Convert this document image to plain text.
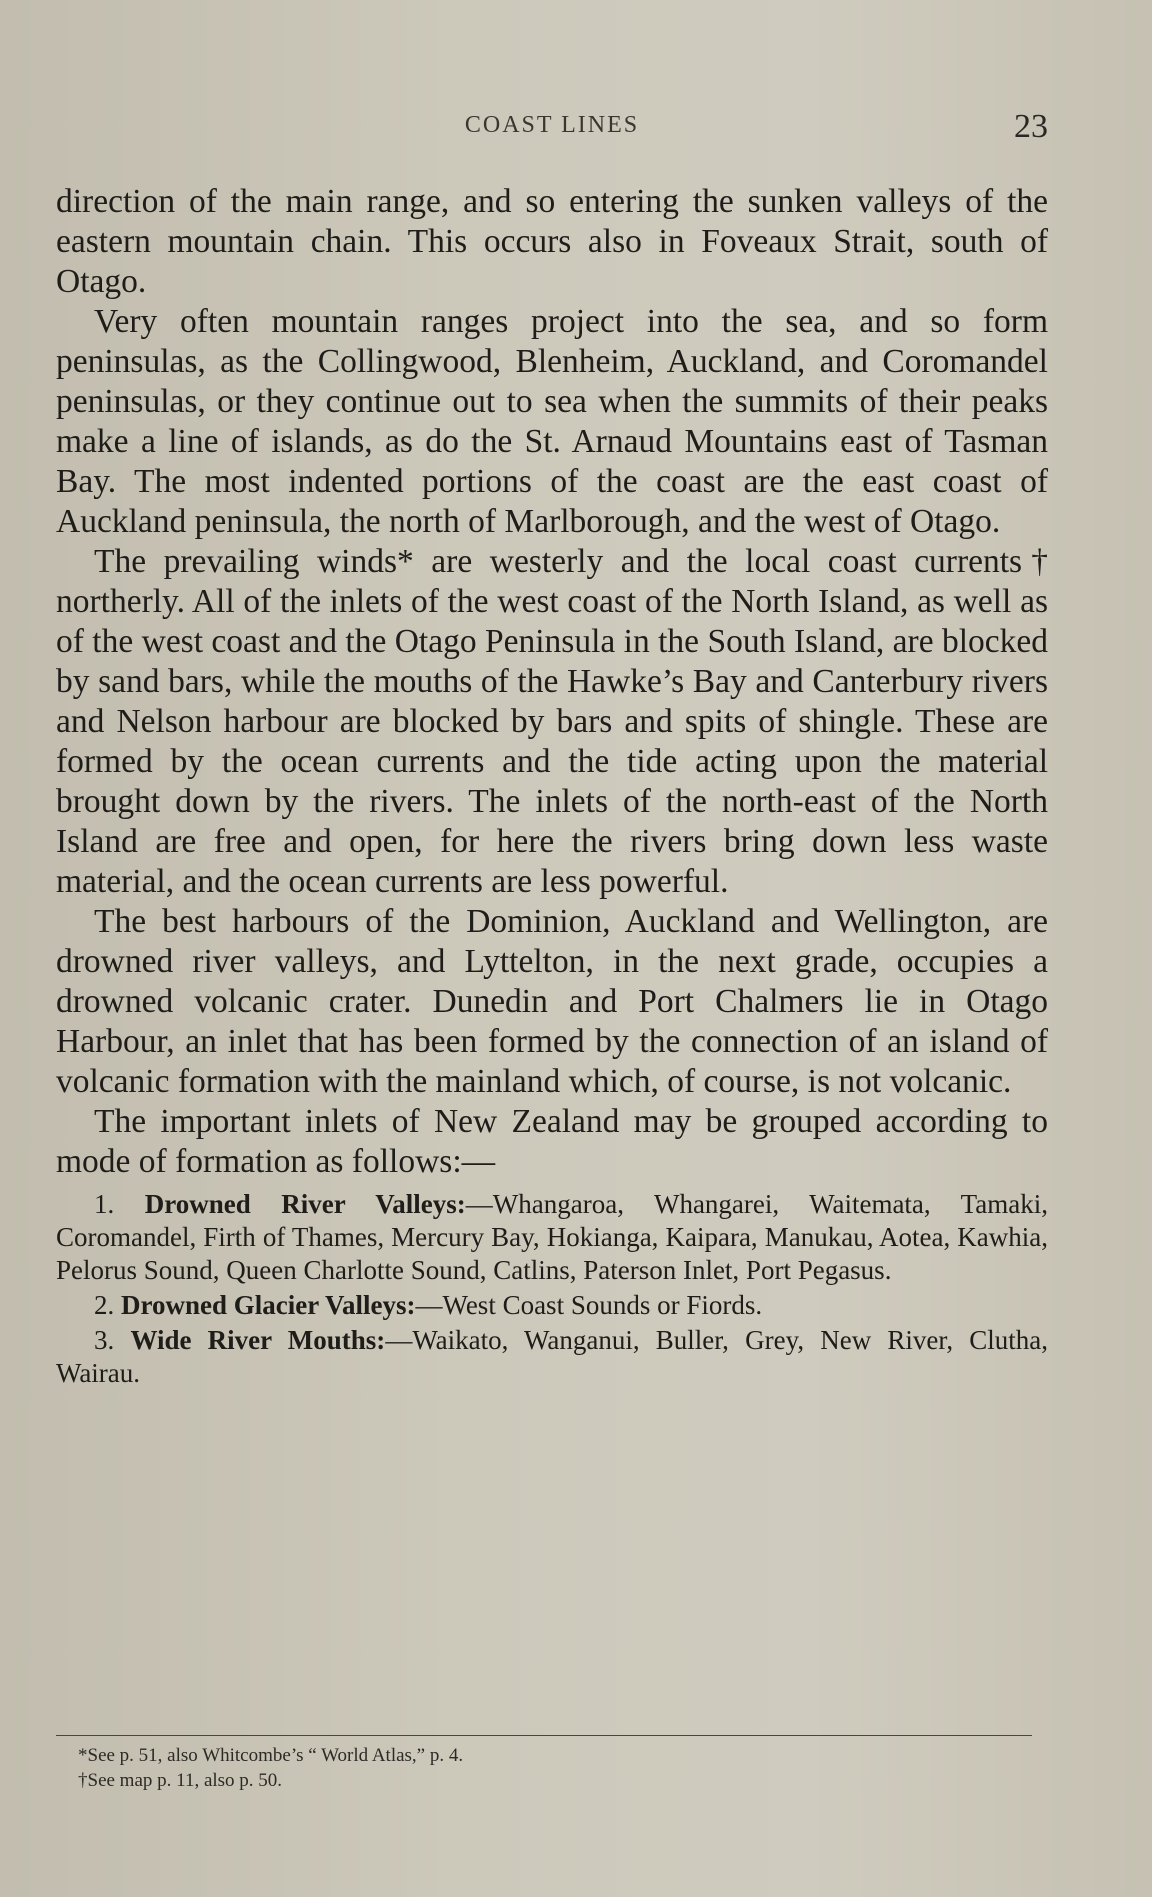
COAST LINES	23

direction of the main range, and so entering the sunken valleys of the eastern mountain chain. This occurs also in Foveaux Strait, south of Otago.

Very often mountain ranges project into the sea, and so form peninsulas, as the Collingwood, Blenheim, Auckland, and Coromandel peninsulas, or they continue out to sea when the summits of their peaks make a line of islands, as do the St. Arnaud Mountains east of Tasman Bay. The most indented portions of the coast are the east coast of Auckland peninsula, the north of Marlborough, and the west of Otago.

The prevailing winds* are westerly and the local coast currents† northerly. All of the inlets of the west coast of the North Island, as well as of the west coast and the Otago Peninsula in the South Island, are blocked by sand bars, while the mouths of the Hawke’s Bay and Canterbury rivers and Nelson harbour are blocked by bars and spits of shingle. These are formed by the ocean currents and the tide acting upon the material brought down by the rivers. The inlets of the north-east of the North Island are free and open, for here the rivers bring down less waste material, and the ocean currents are less powerful.

The best harbours of the Dominion, Auckland and Wellington, are drowned river valleys, and Lyttelton, in the next grade, occupies a drowned volcanic crater. Dunedin and Port Chalmers lie in Otago Harbour, an inlet that has been formed by the connection of an island of volcanic formation with the mainland which, of course, is not volcanic.

The important inlets of New Zealand may be grouped according to mode of formation as follows:—

1. Drowned River Valleys:—Whangaroa, Whangarei, Waitemata, Tamaki, Coromandel, Firth of Thames, Mercury Bay, Hokianga, Kaipara, Manukau, Aotea, Kawhia, Pelorus Sound, Queen Charlotte Sound, Catlins, Paterson Inlet, Port Pegasus.
2. Drowned Glacier Valleys:—West Coast Sounds or Fiords.
3. Wide River Mouths:—Waikato, Wanganui, Buller, Grey, New River, Clutha, Wairau.

*See p. 51, also Whitcombe’s “ World Atlas,” p. 4.

†See map p. 11, also p. 50.
